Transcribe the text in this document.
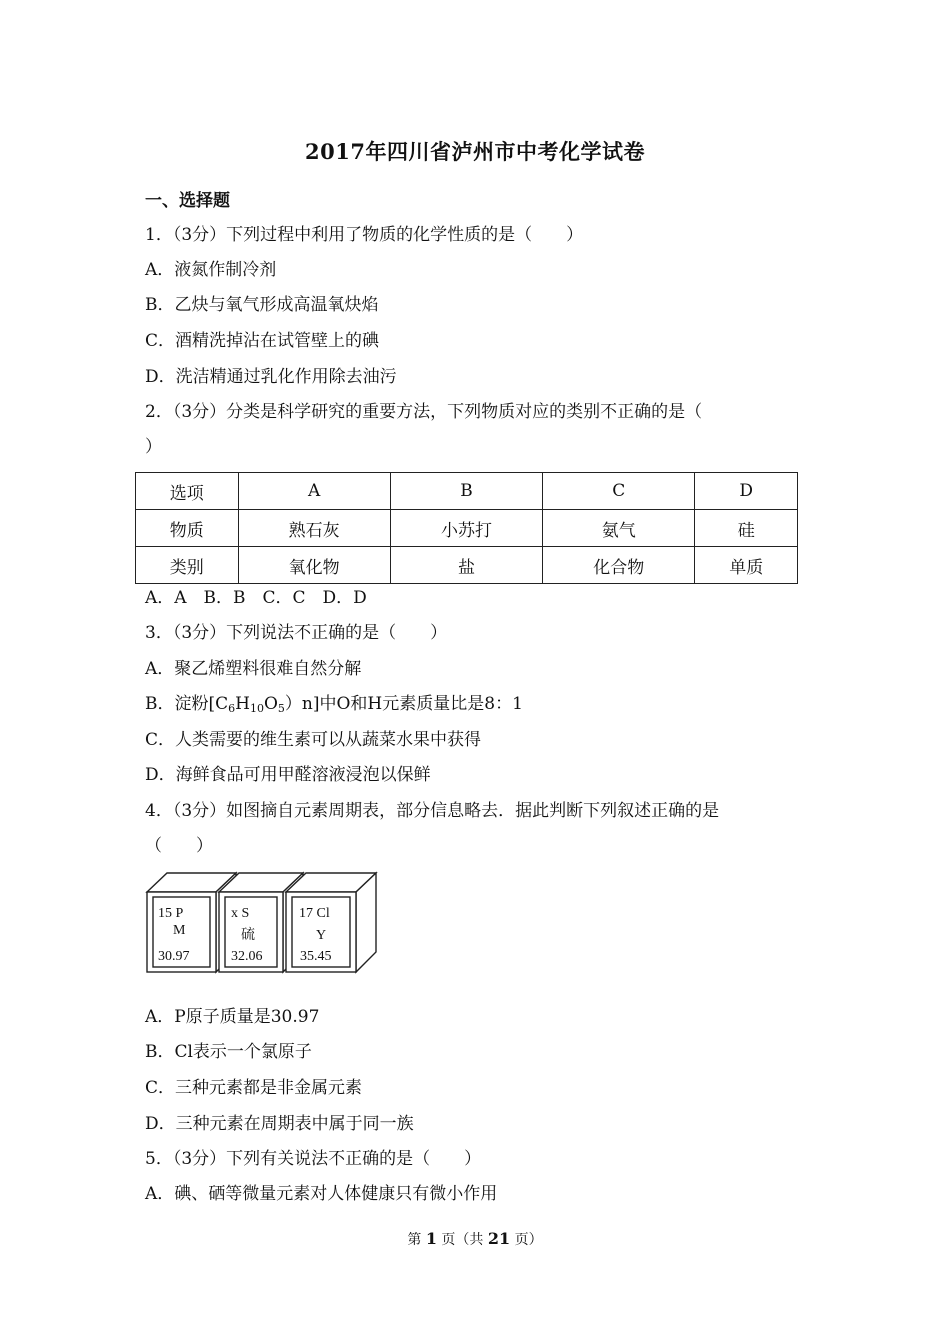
2017年四川省泸州市中考化学试卷
一、选择题
1．（3分）下列过程中利用了物质的化学性质的是（　　）
A．液氮作制冷剂
B．乙炔与氧气形成高温氧炔焰
C．酒精洗掉沾在试管壁上的碘
D．洗洁精通过乳化作用除去油污
2．（3分）分类是科学研究的重要方法，下列物质对应的类别不正确的是（
）
选项	A	B	C	D
物质	熟石灰	小苏打	氨气	硅
类别	氧化物	盐	化合物	单质
A．A　B．B　C．C　D．D
3．（3分）下列说法不正确的是（　　）
A．聚乙烯塑料很难自然分解
B．淀粉$[C_6H_{10}O_5)n$]中O和H元素质量比是8：1
C．人类需要的维生素可以从蔬菜水果中获得
D．海鲜食品可用甲醛溶液浸泡以保鲜
4．（3分）如图摘自元素周期表，部分信息略去．据此判断下列叙述正确的是
（　　）
15 P
M
30.97
x S
硫
32.06
17 Cl
Y
35.45
A．P原子质量是30.97
B．Cl表示一个氯原子
C．三种元素都是非金属元素
D．三种元素在周期表中属于同一族
5．（3分）下列有关说法不正确的是（　　）
A．碘、硒等微量元素对人体健康只有微小作用
第 1 页（共 21 页）
